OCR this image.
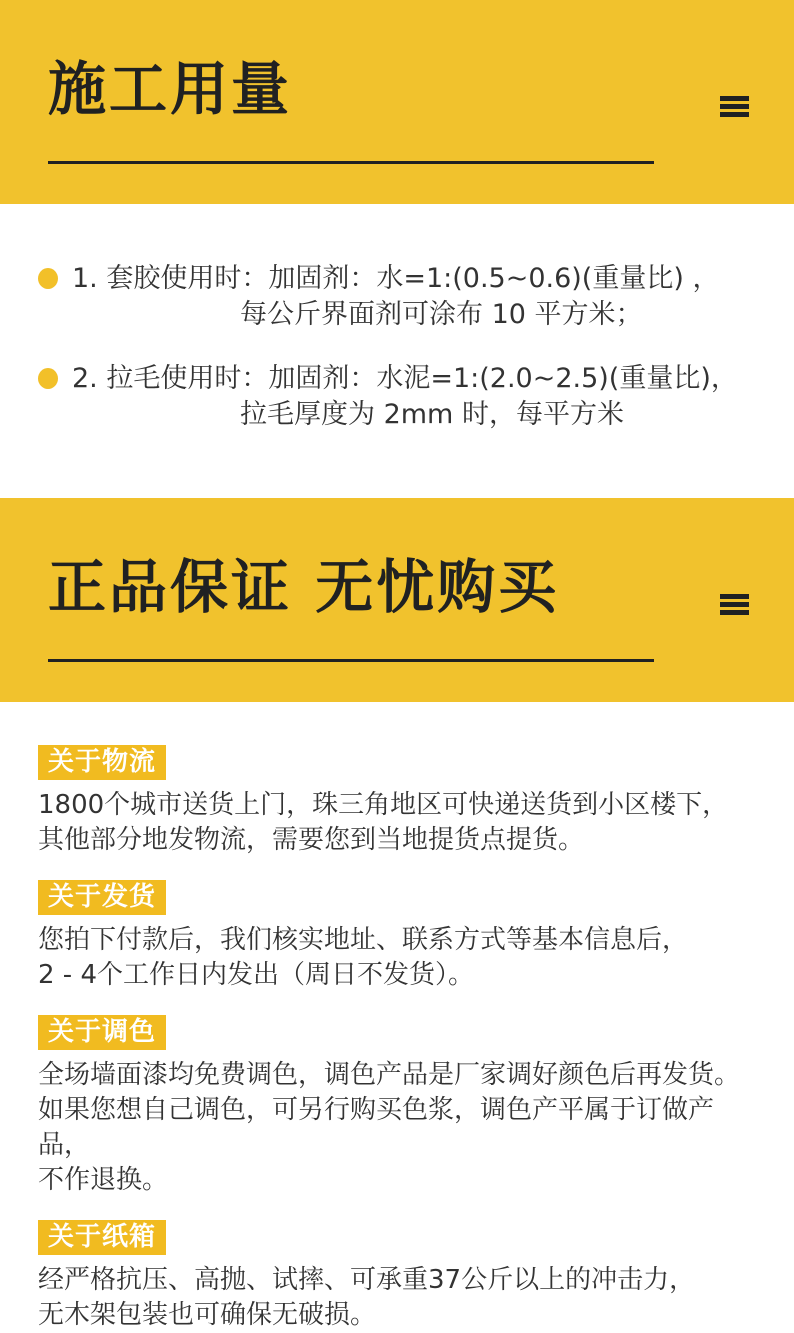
施工用量
1. 套胶使用时：加固剂：水=1:(0.5~0.6)(重量比) ，
每公斤界面剂可涂布 10 平方米；
2. 拉毛使用时：加固剂：水泥=1:(2.0~2.5)(重量比)，
拉毛厚度为 2mm 时，每平方米
正品保证 无忧购买
关于物流

1800个城市送货上门，珠三角地区可快递送货到小区楼下，

其他部分地发物流，需要您到当地提货点提货。

关于发货

您拍下付款后，我们核实地址、联系方式等基本信息后，

2 - 4个工作日内发出（周日不发货）。

关于调色

全场墙面漆均免费调色，调色产品是厂家调好颜色后再发货。

如果您想自己调色，可另行购买色浆，调色产平属于订做产品，

不作退换。

关于纸箱

经严格抗压、高抛、试摔、可承重37公斤以上的冲击力，

无木架包装也可确保无破损。
